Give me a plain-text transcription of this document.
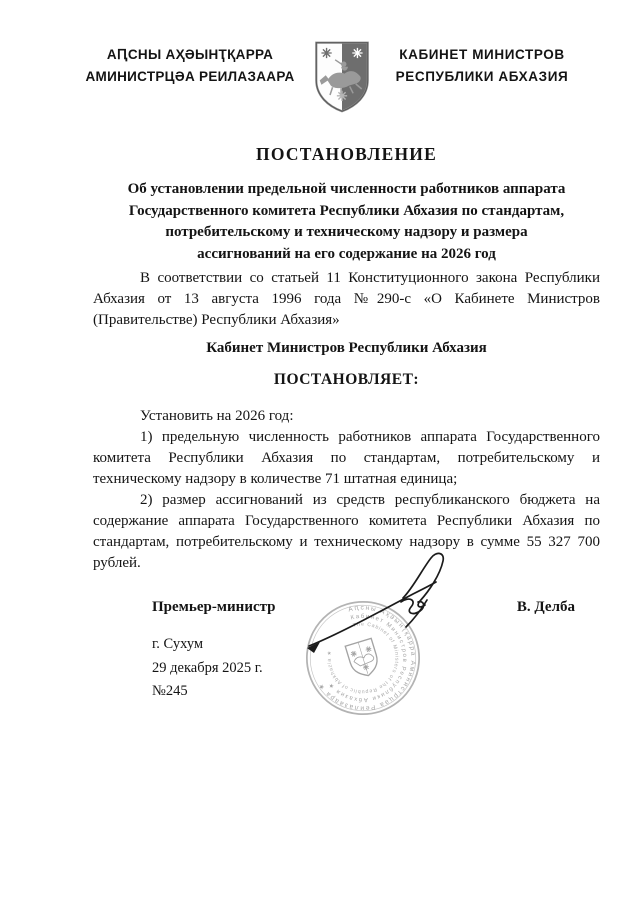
АԤСНЫ АҲӘЫНҬҚАРРА
АМИНИСТРЦӘА РЕИЛАЗААРА
КАБИНЕТ МИНИСТРОВ
РЕСПУБЛИКИ АБХАЗИЯ
ПОСТАНОВЛЕНИЕ
Об установлении предельной численности работников аппарата
Государственного комитета Республики Абхазия по стандартам,
потребительскому и техническому надзору и размера
ассигнований на его содержание на 2026 год
В соответствии со статьей 11 Конституционного закона Республики Абхазия от 13 августа 1996 года №290-с «О Кабинете Министров (Правительстве) Республики Абхазия»
Кабинет Министров Республики Абхазия
ПОСТАНОВЛЯЕТ:

Установить на 2026 год:

1) предельную численность работников аппарата Государственного комитета Республики Абхазия по стандартам, потребительскому и техническому надзору в количестве 71 штатная единица;

2) размер ассигнований из средств республиканского бюджета на содержание аппарата Государственного комитета Республики Абхазия по стандартам, потребительскому и техническому надзору в сумме 55 327 700 рублей.

Премьер-министр	В. Делба
г. Сухум
29 декабря 2025 г.
№245
Аԥсны Аҳәынҭқарра Аминистрцәа Реилазаара ★
Кабинет Министров Республики Абхазия ★
The Cabinet of Ministers of the Republic of Abkhazia ★
